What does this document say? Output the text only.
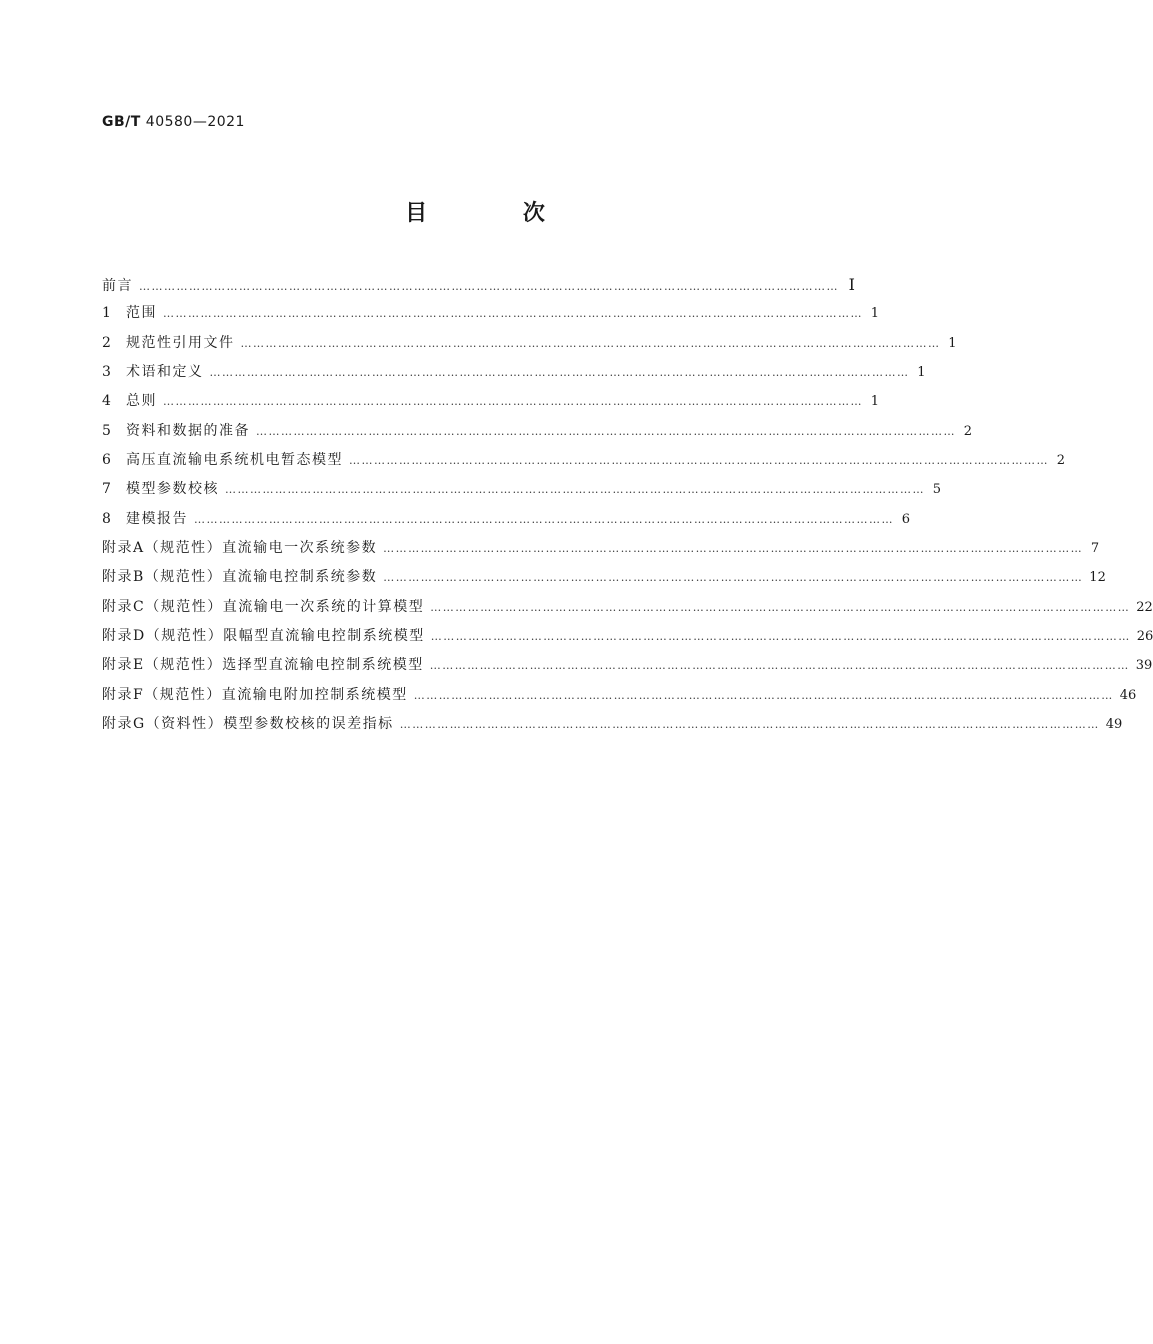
GB/T 40580—2021
目 次
前言 …………………………………………………………………………………………………………………………………………………… Ⅰ
1	范围 …………………………………………………………………………………………………………………………………………………… 1
2	规范性引用文件 …………………………………………………………………………………………………………………………………………………… 1
3	术语和定义 …………………………………………………………………………………………………………………………………………………… 1
4	总则 …………………………………………………………………………………………………………………………………………………… 1
5	资料和数据的准备 …………………………………………………………………………………………………………………………………………………… 2
6	高压直流输电系统机电暂态模型 …………………………………………………………………………………………………………………………………………………… 2
7	模型参数校核 …………………………………………………………………………………………………………………………………………………… 5
8	建模报告 …………………………………………………………………………………………………………………………………………………… 6
附录A（规范性） 直流输电一次系统参数 …………………………………………………………………………………………………………………………………………………… 7
附录B（规范性） 直流输电控制系统参数 …………………………………………………………………………………………………………………………………………………… 12
附录C（规范性） 直流输电一次系统的计算模型 …………………………………………………………………………………………………………………………………………………… 22
附录D（规范性） 限幅型直流输电控制系统模型 …………………………………………………………………………………………………………………………………………………… 26
附录E（规范性） 选择型直流输电控制系统模型 …………………………………………………………………………………………………………………………………………………… 39
附录F（规范性） 直流输电附加控制系统模型 …………………………………………………………………………………………………………………………………………………… 46
附录G（资料性） 模型参数校核的误差指标 …………………………………………………………………………………………………………………………………………………… 49
